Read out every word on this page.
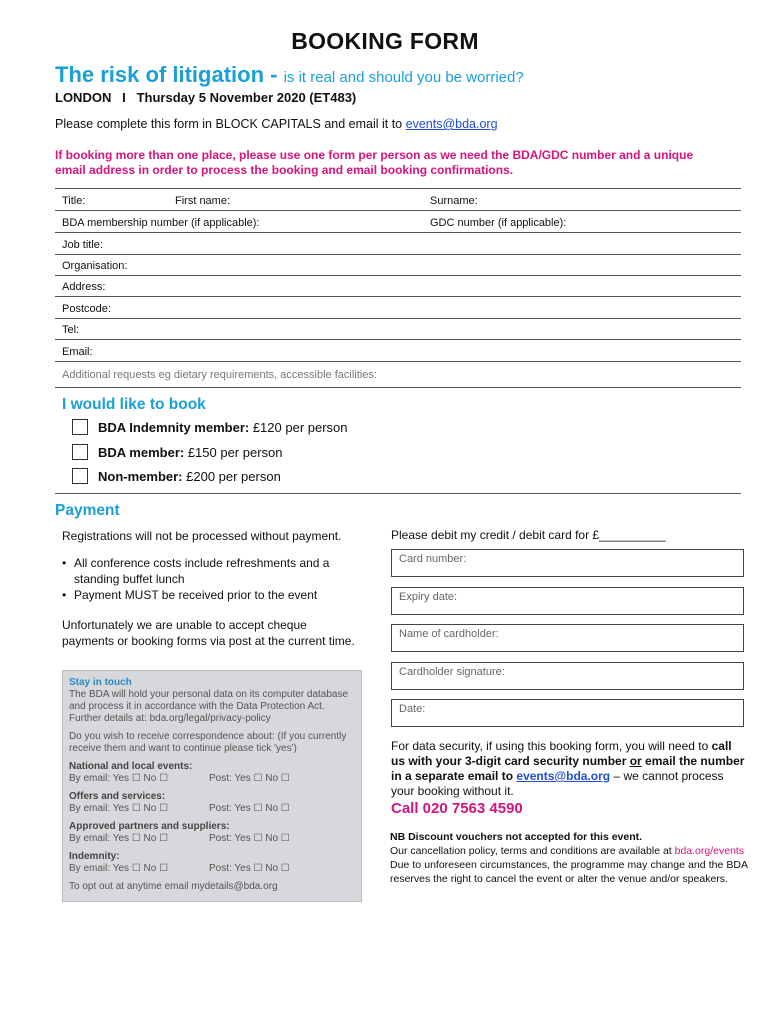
BOOKING FORM
The risk of litigation - is it real and should you be worried?
LONDON   I   Thursday 5 November 2020 (ET483)
Please complete this form in BLOCK CAPITALS and email it to events@bda.org
If booking more than one place, please use one form per person as we need the BDA/GDC number and a unique email address in order to process the booking and email booking confirmations.
Title:	First name:	Surname:
BDA membership number (if applicable):	GDC number (if applicable):
Job title:
Organisation:
Address:
Postcode:
Tel:
Email:
Additional requests eg dietary requirements, accessible facilities:
I would like to book
BDA Indemnity member: £120 per person
BDA member: £150 per person
Non-member: £200 per person
Payment
Registrations will not be processed without payment.
• All conference costs include refreshments and a standing buffet lunch
• Payment MUST be received prior to the event
Unfortunately we are unable to accept cheque payments or booking forms via post at the current time.
Stay in touch
The BDA will hold your personal data on its computer database and process it in accordance with the Data Protection Act. Further details at: bda.org/legal/privacy-policy
Do you wish to receive correspondence about: (If you currently receive them and want to continue please tick 'yes')
National and local events:
By email: Yes ☐ No ☐	Post: Yes ☐ No ☐
Offers and services:
By email: Yes ☐ No ☐	Post: Yes ☐ No ☐
Approved partners and suppliers:
By email: Yes ☐ No ☐	Post: Yes ☐ No ☐
Indemnity:
By email: Yes ☐ No ☐	Post: Yes ☐ No ☐
To opt out at anytime email mydetails@bda.org
Please debit my credit / debit card for £__________
Card number:
Expiry date:
Name of cardholder:
Cardholder signature:
Date:
For data security, if using this booking form, you will need to call us with your 3-digit card security number or email the number in a separate email to events@bda.org – we cannot process your booking without it.
Call 020 7563 4590
NB Discount vouchers not accepted for this event.
Our cancellation policy, terms and conditions are available at bda.org/events
Due to unforeseen circumstances, the programme may change and the BDA reserves the right to cancel the event or alter the venue and/or speakers.
